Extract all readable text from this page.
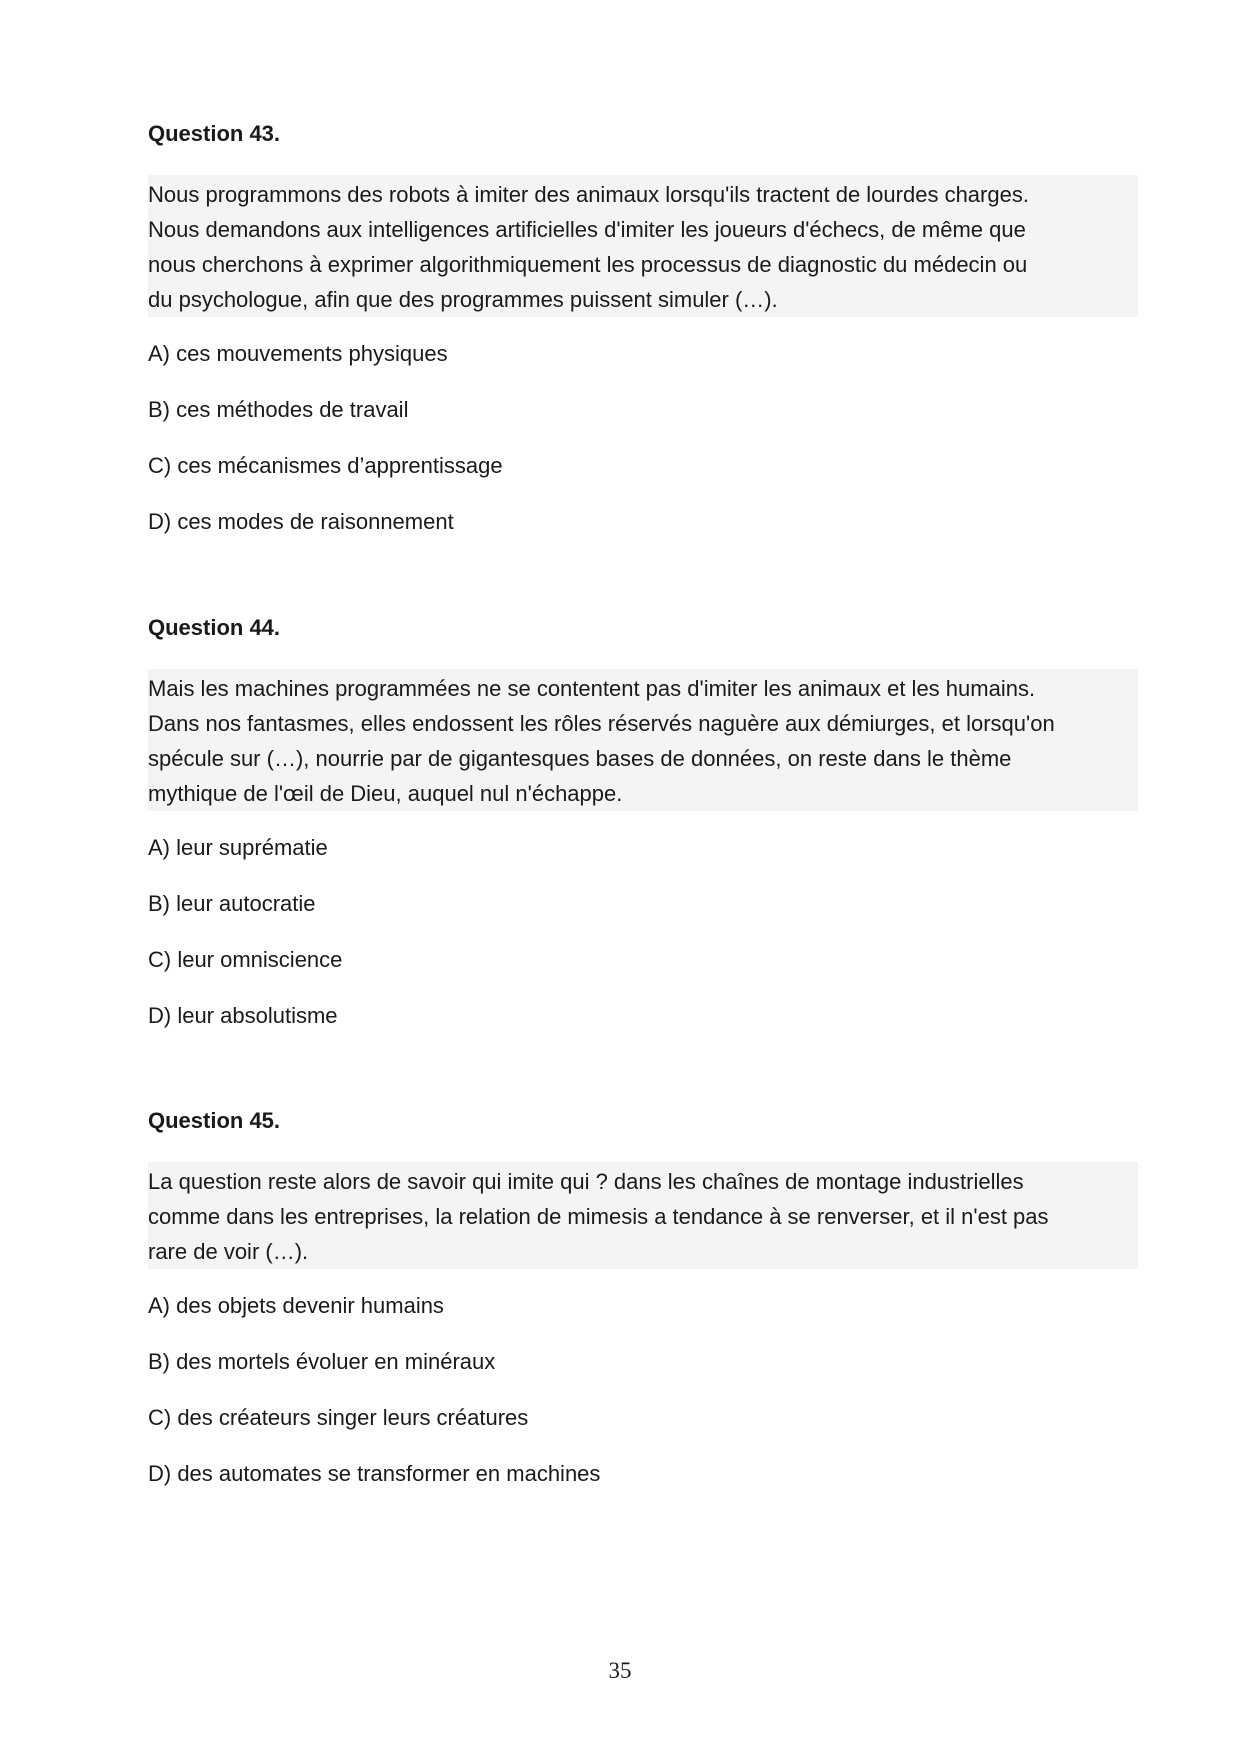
Question 43.
Nous programmons des robots à imiter des animaux lorsqu'ils tractent de lourdes charges.
Nous demandons aux intelligences artificielles d'imiter les joueurs d'échecs, de même que
nous cherchons à exprimer algorithmiquement les processus de diagnostic du médecin ou
du psychologue, afin que des programmes puissent simuler (…).
A) ces mouvements physiques
B) ces méthodes de travail
C) ces mécanismes d’apprentissage
D) ces modes de raisonnement
Question 44.
Mais les machines programmées ne se contentent pas d'imiter les animaux et les humains.
Dans nos fantasmes, elles endossent les rôles réservés naguère aux démiurges, et lorsqu'on
spécule sur (…), nourrie par de gigantesques bases de données, on reste dans le thème
mythique de l'œil de Dieu, auquel nul n'échappe.
A) leur suprématie
B) leur autocratie
C) leur omniscience
D) leur absolutisme
Question 45.
La question reste alors de savoir qui imite qui ? dans les chaînes de montage industrielles
comme dans les entreprises, la relation de mimesis a tendance à se renverser, et il n'est pas
rare de voir (…).
A) des objets devenir humains
B) des mortels évoluer en minéraux
C) des créateurs singer leurs créatures
D) des automates se transformer en machines
35
